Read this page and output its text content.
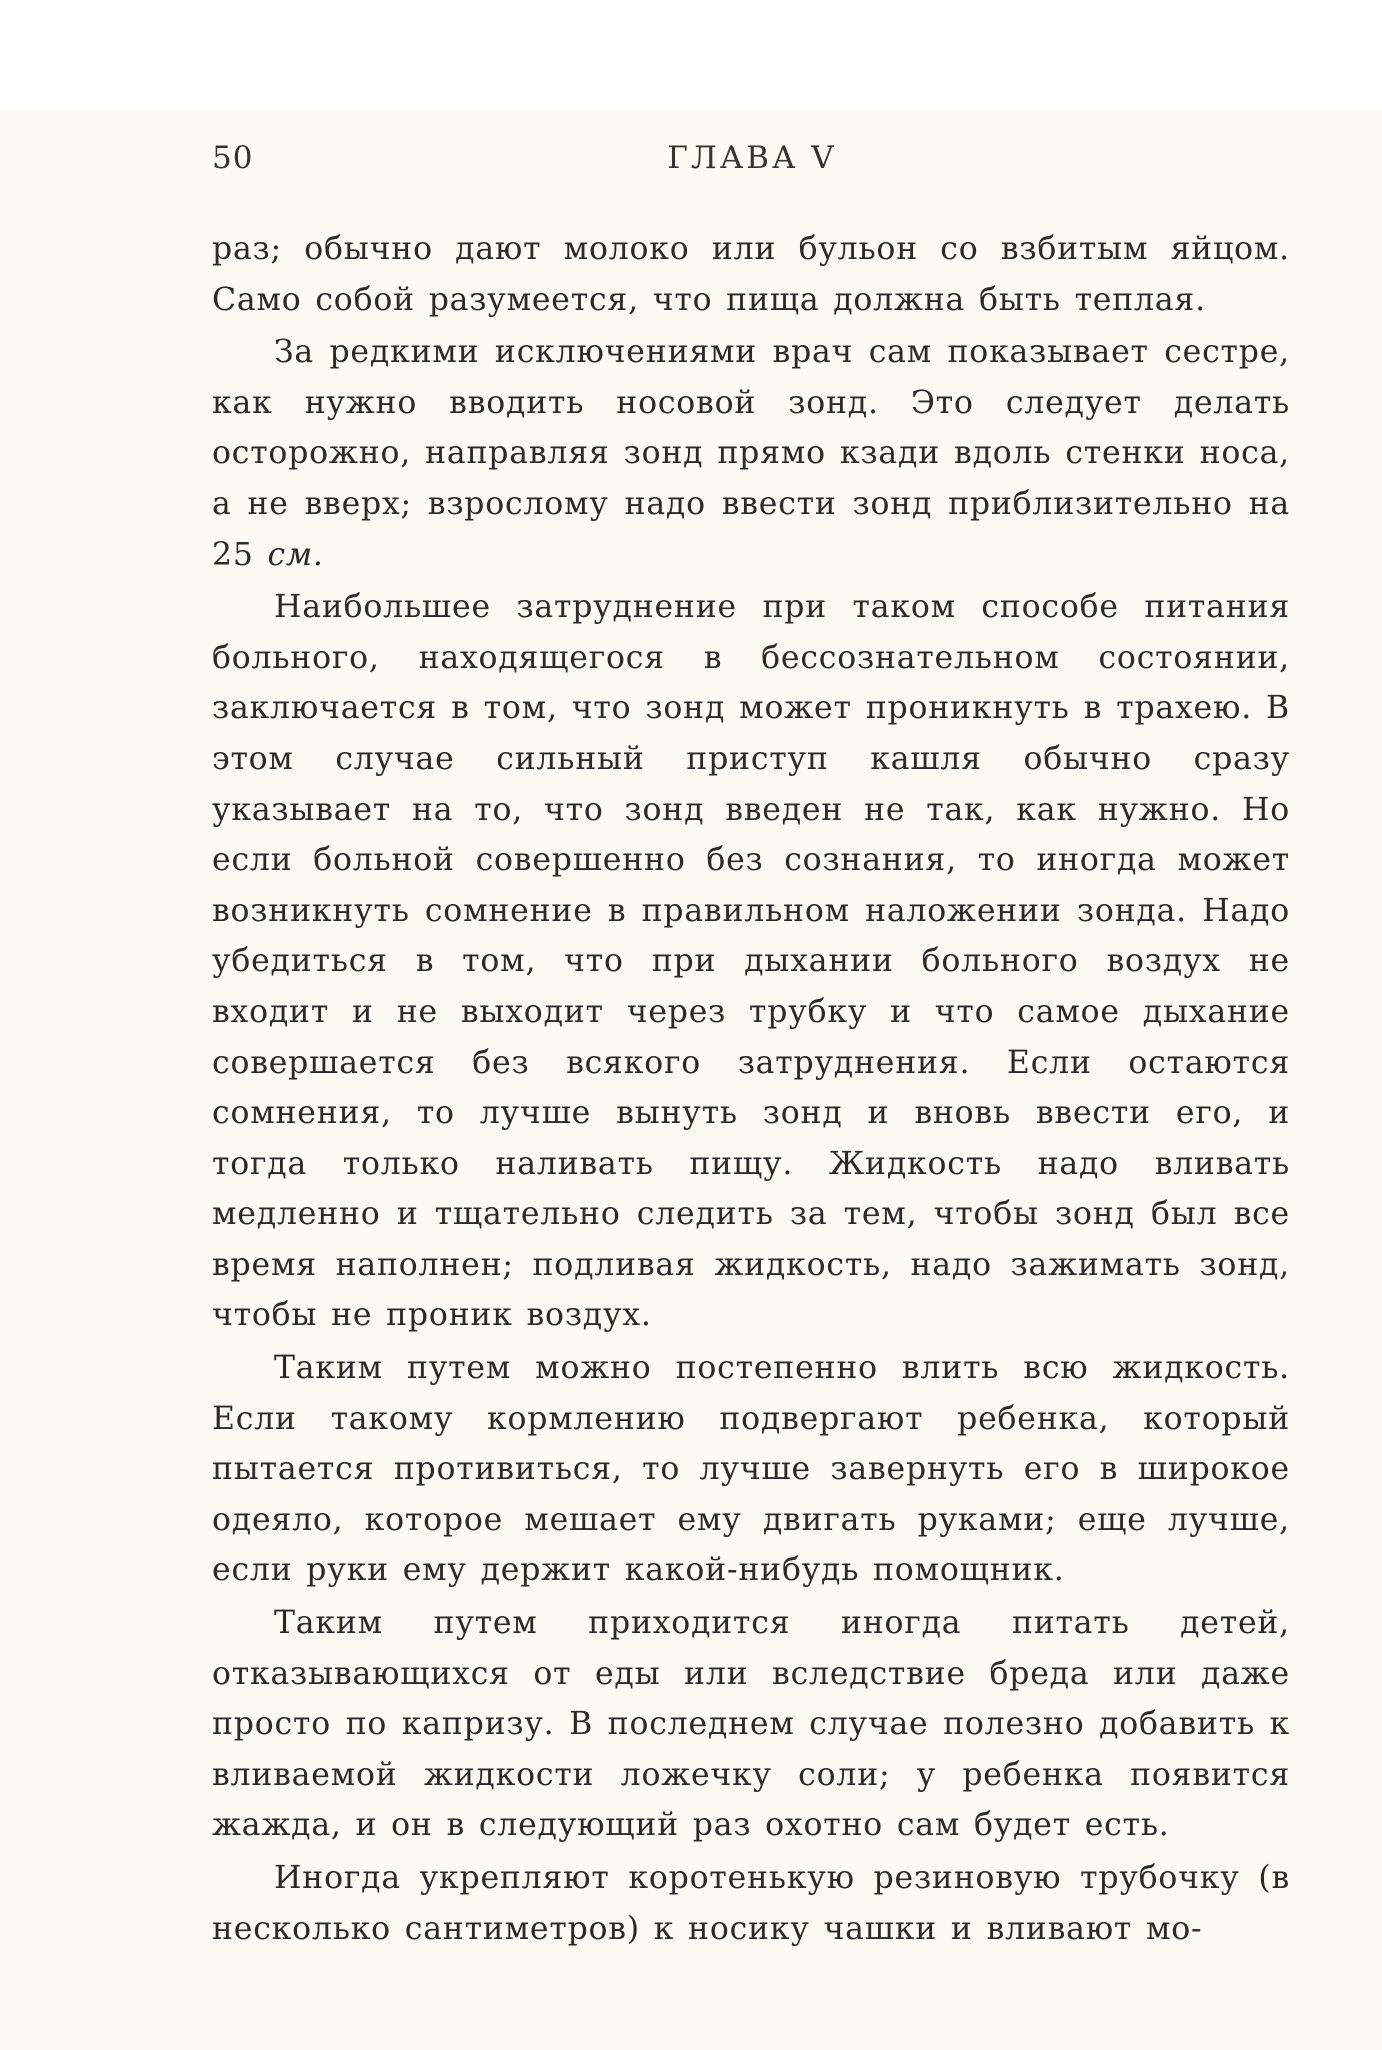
50	ГЛАВА V

раз; обычно дают молоко или бульон со взбитым яйцом. Само собой разумеется, что пища должна быть теплая.

За редкими исключениями врач сам показывает сестре, как нужно вводить носовой зонд. Это следует делать осторожно, направляя зонд прямо кзади вдоль стенки носа, а не вверх; взрослому надо ввести зонд приблизительно на 25 см.

Наибольшее затруднение при таком способе питания больного, находящегося в бессознательном состоянии, заключается в том, что зонд может проникнуть в трахею. В этом случае сильный приступ кашля обычно сразу указывает на то, что зонд введен не так, как нужно. Но если больной совершенно без сознания, то иногда может возникнуть сомнение в правильном наложении зонда. Надо убедиться в том, что при дыхании больного воздух не входит и не выходит через трубку и что самое дыхание совершается без всякого затруднения. Если остаются сомнения, то лучше вынуть зонд и вновь ввести его, и тогда только наливать пищу. Жидкость надо вливать медленно и тщательно следить за тем, чтобы зонд был все время наполнен; подливая жидкость, надо зажимать зонд, чтобы не проник воздух.

Таким путем можно постепенно влить всю жидкость. Если такому кормлению подвергают ребенка, который пытается противиться, то лучше завернуть его в широкое одеяло, которое мешает ему двигать руками; еще лучше, если руки ему держит какой-нибудь помощник.

Таким путем приходится иногда питать детей, отказывающихся от еды или вследствие бреда или даже просто по капризу. В последнем случае полезно добавить к вливаемой жидкости ложечку соли; у ребенка появится жажда, и он в следующий раз охотно сам будет есть.

Иногда укрепляют коротенькую резиновую трубочку (в несколько сантиметров) к носику чашки и вливают мо-
